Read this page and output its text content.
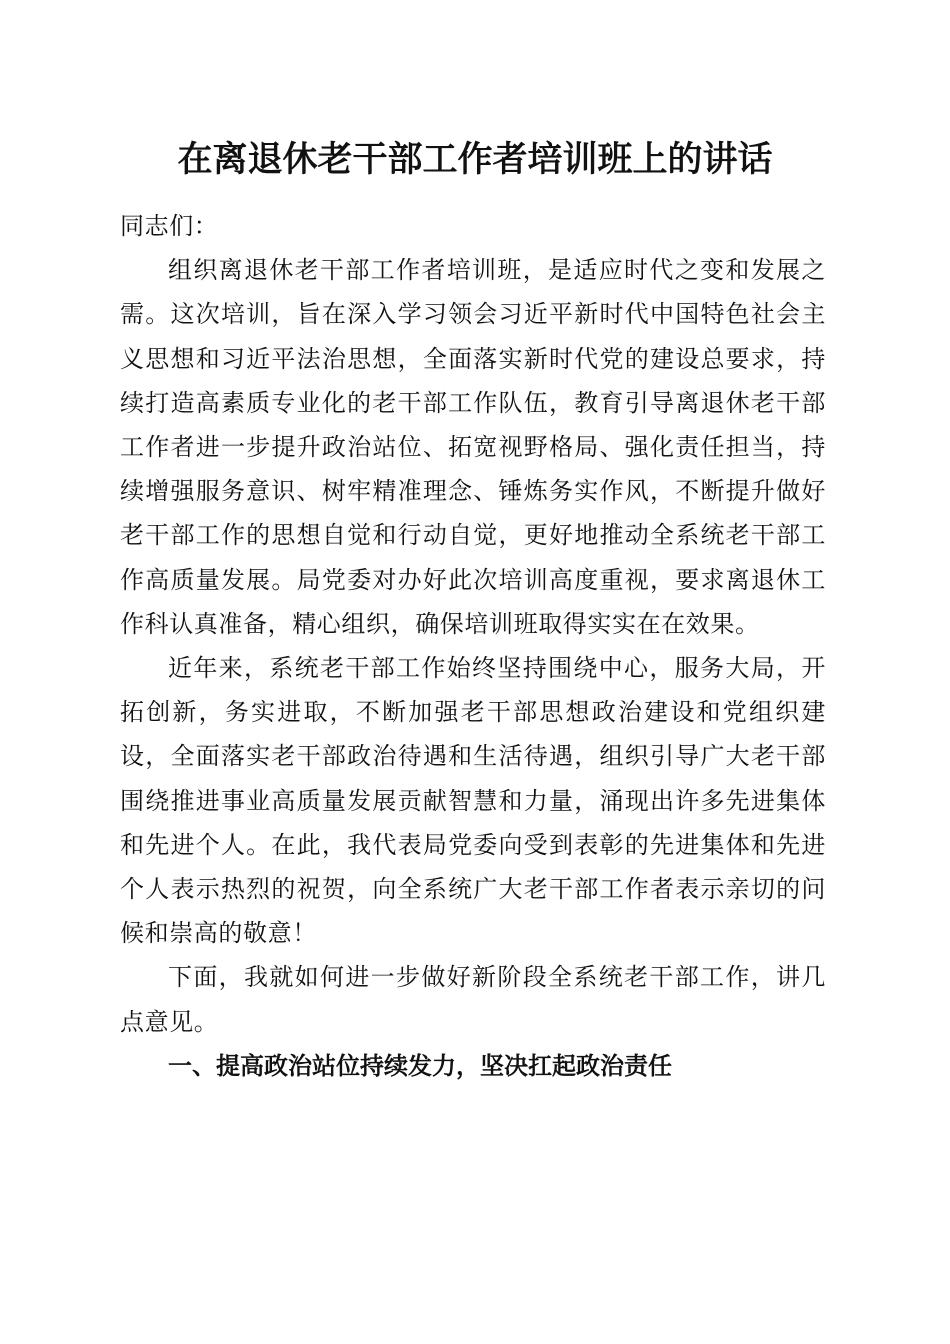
在离退休老干部工作者培训班上的讲话

同志们：

组织离退休老干部工作者培训班，是适应时代之变和发展之需。这次培训，旨在深入学习领会习近平新时代中国特色社会主义思想和习近平法治思想，全面落实新时代党的建设总要求，持续打造高素质专业化的老干部工作队伍，教育引导离退休老干部工作者进一步提升政治站位、拓宽视野格局、强化责任担当，持续增强服务意识、树牢精准理念、锤炼务实作风，不断提升做好老干部工作的思想自觉和行动自觉，更好地推动全系统老干部工作高质量发展。局党委对办好此次培训高度重视，要求离退休工作科认真准备，精心组织，确保培训班取得实实在在效果。

近年来，系统老干部工作始终坚持围绕中心，服务大局，开拓创新，务实进取，不断加强老干部思想政治建设和党组织建设，全面落实老干部政治待遇和生活待遇，组织引导广大老干部围绕推进事业高质量发展贡献智慧和力量，涌现出许多先进集体和先进个人。在此，我代表局党委向受到表彰的先进集体和先进个人表示热烈的祝贺，向全系统广大老干部工作者表示亲切的问候和崇高的敬意！

下面，我就如何进一步做好新阶段全系统老干部工作，讲几点意见。

一、提高政治站位持续发力，坚决扛起政治责任
